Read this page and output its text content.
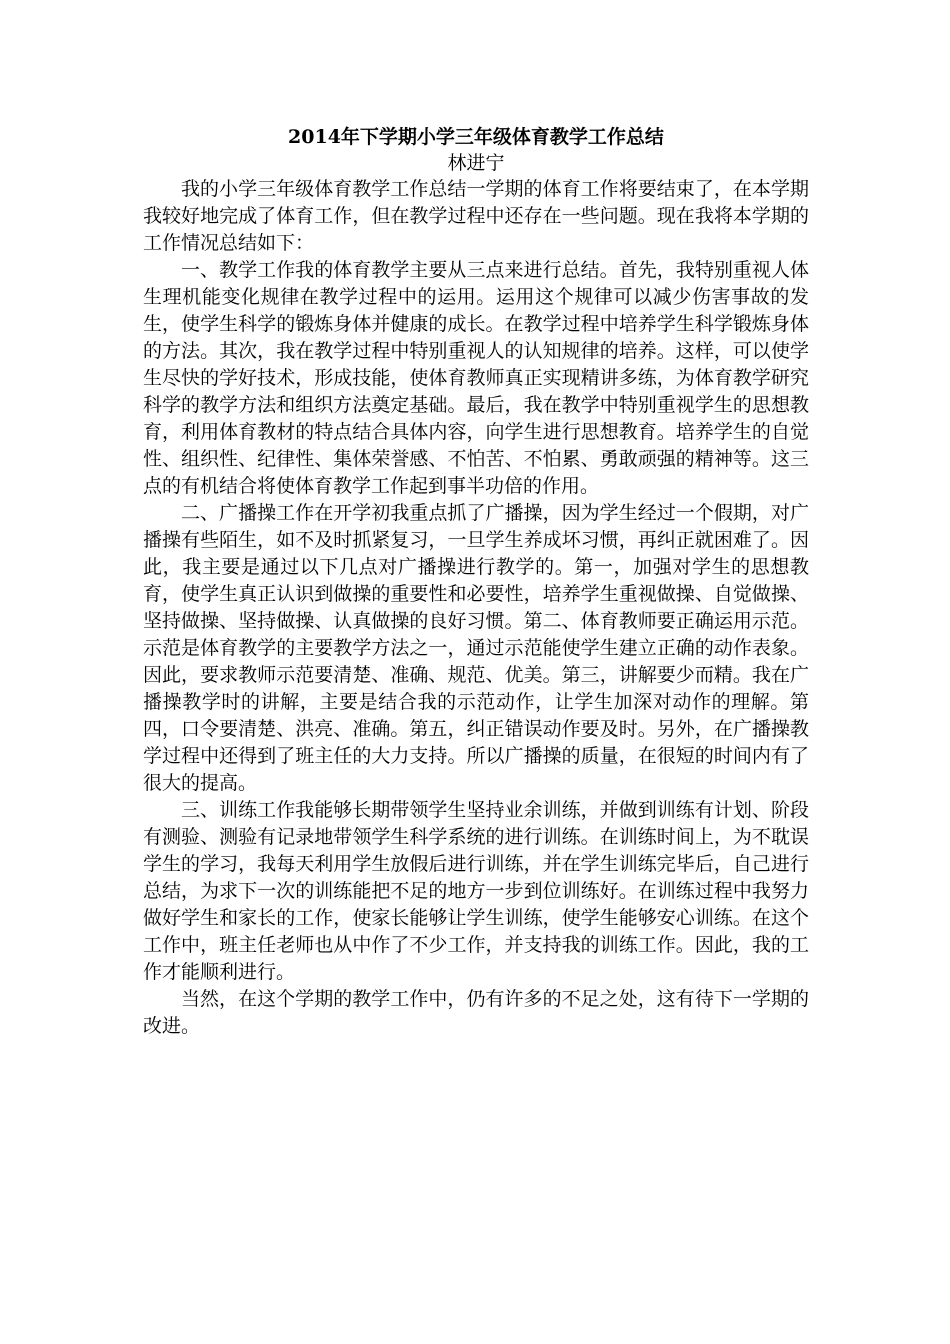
2014年下学期小学三年级体育教学工作总结

林进宁

我的小学三年级体育教学工作总结一学期的体育工作将要结束了，在本学期我较好地完成了体育工作，但在教学过程中还存在一些问题。现在我将本学期的工作情况总结如下：

一、教学工作我的体育教学主要从三点来进行总结。首先，我特别重视人体生理机能变化规律在教学过程中的运用。运用这个规律可以减少伤害事故的发生，使学生科学的锻炼身体并健康的成长。在教学过程中培养学生科学锻炼身体的方法。其次，我在教学过程中特别重视人的认知规律的培养。这样，可以使学生尽快的学好技术，形成技能，使体育教师真正实现精讲多练，为体育教学研究科学的教学方法和组织方法奠定基础。最后，我在教学中特别重视学生的思想教育，利用体育教材的特点结合具体内容，向学生进行思想教育。培养学生的自觉性、组织性、纪律性、集体荣誉感、不怕苦、不怕累、勇敢顽强的精神等。这三点的有机结合将使体育教学工作起到事半功倍的作用。

二、广播操工作在开学初我重点抓了广播操，因为学生经过一个假期，对广播操有些陌生，如不及时抓紧复习，一旦学生养成坏习惯，再纠正就困难了。因此，我主要是通过以下几点对广播操进行教学的。第一，加强对学生的思想教育，使学生真正认识到做操的重要性和必要性，培养学生重视做操、自觉做操、坚持做操、坚持做操、认真做操的良好习惯。第二、体育教师要正确运用示范。示范是体育教学的主要教学方法之一，通过示范能使学生建立正确的动作表象。因此，要求教师示范要清楚、准确、规范、优美。第三，讲解要少而精。我在广播操教学时的讲解，主要是结合我的示范动作，让学生加深对动作的理解。第四，口令要清楚、洪亮、准确。第五，纠正错误动作要及时。另外，在广播操教学过程中还得到了班主任的大力支持。所以广播操的质量，在很短的时间内有了很大的提高。

三、训练工作我能够长期带领学生坚持业余训练，并做到训练有计划、阶段有测验、测验有记录地带领学生科学系统的进行训练。在训练时间上，为不耽误学生的学习，我每天利用学生放假后进行训练，并在学生训练完毕后，自己进行总结，为求下一次的训练能把不足的地方一步到位训练好。在训练过程中我努力做好学生和家长的工作，使家长能够让学生训练，使学生能够安心训练。在这个工作中，班主任老师也从中作了不少工作，并支持我的训练工作。因此，我的工作才能顺利进行。

当然，在这个学期的教学工作中，仍有许多的不足之处，这有待下一学期的改进。
